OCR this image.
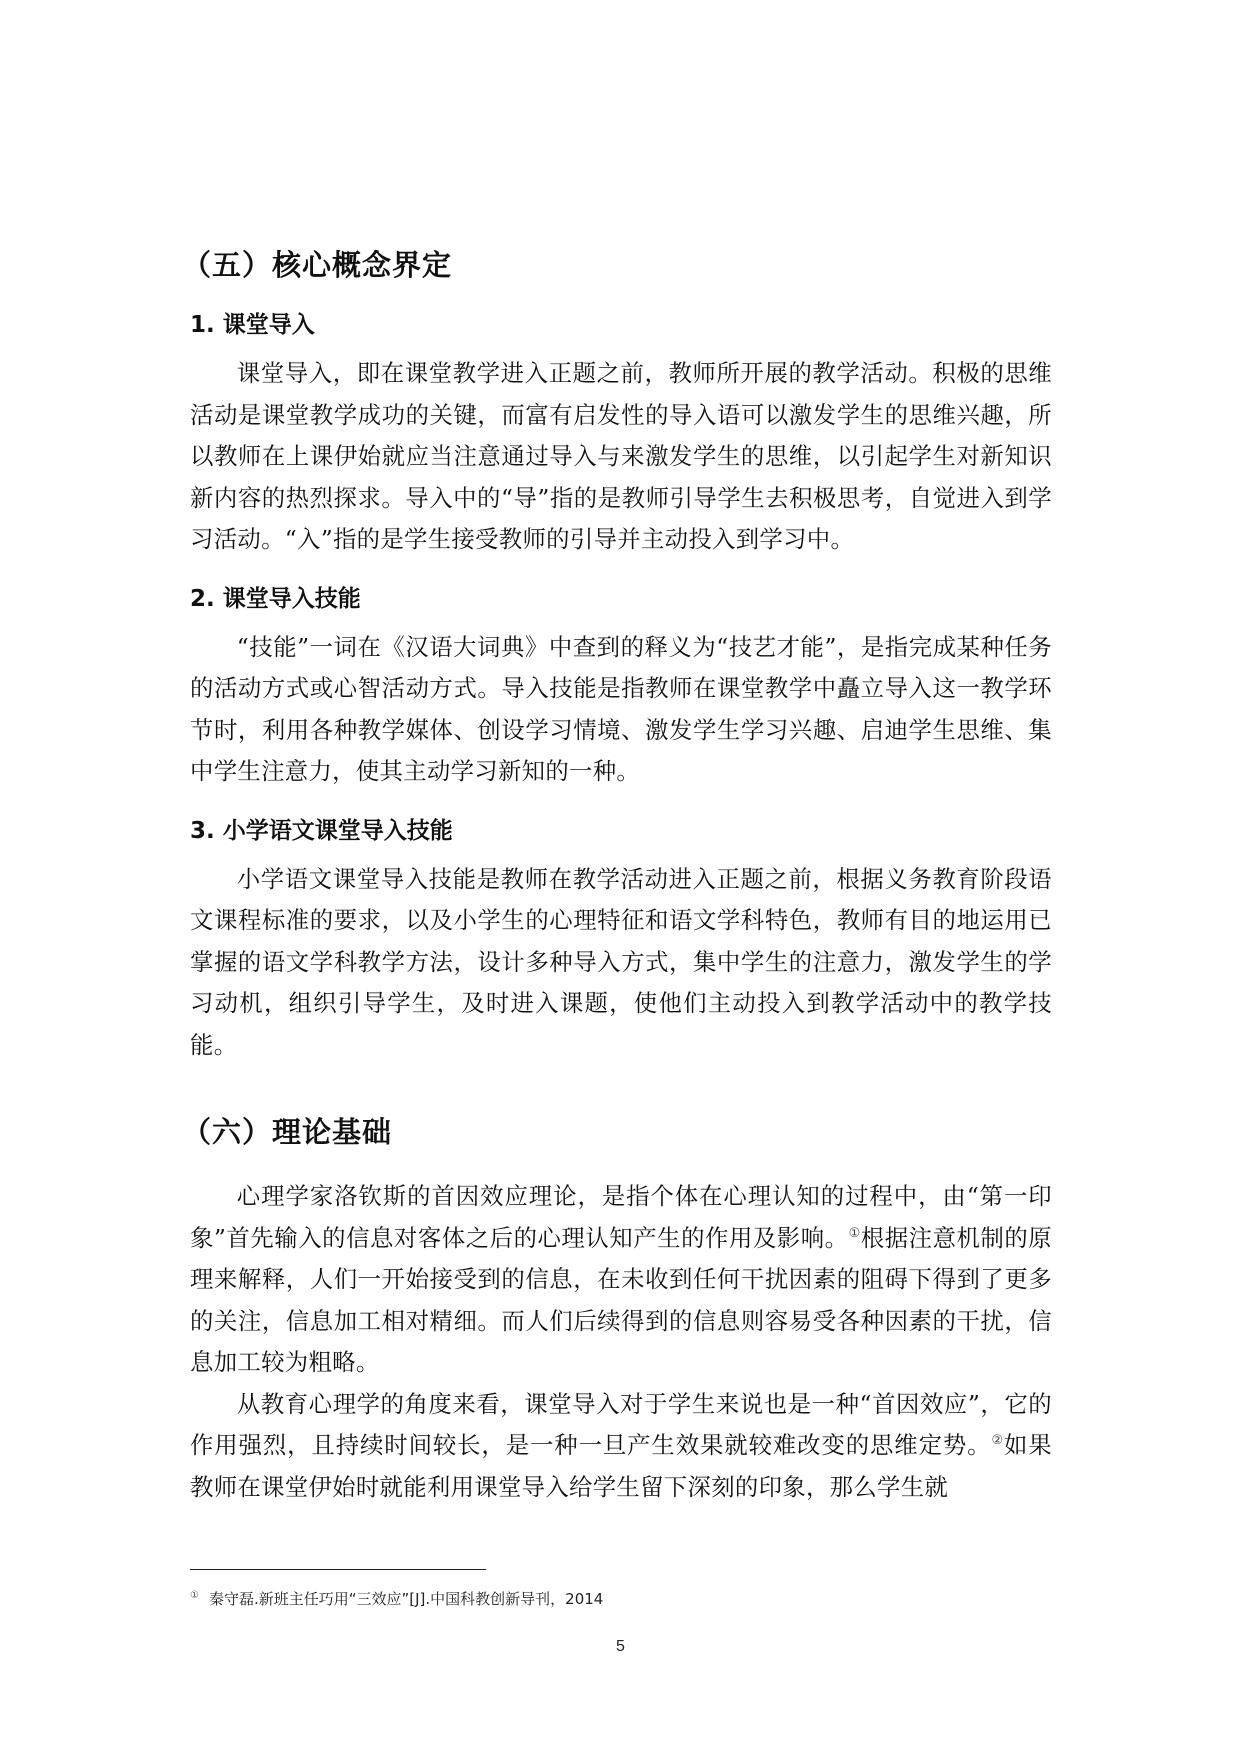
（五）核心概念界定
1. 课堂导入

课堂导入，即在课堂教学进入正题之前，教师所开展的教学活动。积极的思维活动是课堂教学成功的关键，而富有启发性的导入语可以激发学生的思维兴趣，所以教师在上课伊始就应当注意通过导入与来激发学生的思维，以引起学生对新知识新内容的热烈探求。导入中的“导”指的是教师引导学生去积极思考，自觉进入到学习活动。“入”指的是学生接受教师的引导并主动投入到学习中。

2. 课堂导入技能

“技能”一词在《汉语大词典》中查到的释义为“技艺才能”，是指完成某种任务的活动方式或心智活动方式。导入技能是指教师在课堂教学中矗立导入这一教学环节时，利用各种教学媒体、创设学习情境、激发学生学习兴趣、启迪学生思维、集中学生注意力，使其主动学习新知的一种。

3. 小学语文课堂导入技能

小学语文课堂导入技能是教师在教学活动进入正题之前，根据义务教育阶段语文课程标准的要求，以及小学生的心理特征和语文学科特色，教师有目的地运用已掌握的语文学科教学方法，设计多种导入方式，集中学生的注意力，激发学生的学习动机，组织引导学生，及时进入课题，使他们主动投入到教学活动中的教学技能。

（六）理论基础

心理学家洛钦斯的首因效应理论，是指个体在心理认知的过程中，由“第一印象”首先输入的信息对客体之后的心理认知产生的作用及影响。①根据注意机制的原理来解释，人们一开始接受到的信息，在未收到任何干扰因素的阻碍下得到了更多的关注，信息加工相对精细。而人们后续得到的信息则容易受各种因素的干扰，信息加工较为粗略。

从教育心理学的角度来看，课堂导入对于学生来说也是一种“首因效应”，它的作用强烈，且持续时间较长，是一种一旦产生效果就较难改变的思维定势。②如果教师在课堂伊始时就能利用课堂导入给学生留下深刻的印象，那么学生就

① 秦守磊.新班主任巧用“三效应”[J].中国科教创新导刊，2014
5
